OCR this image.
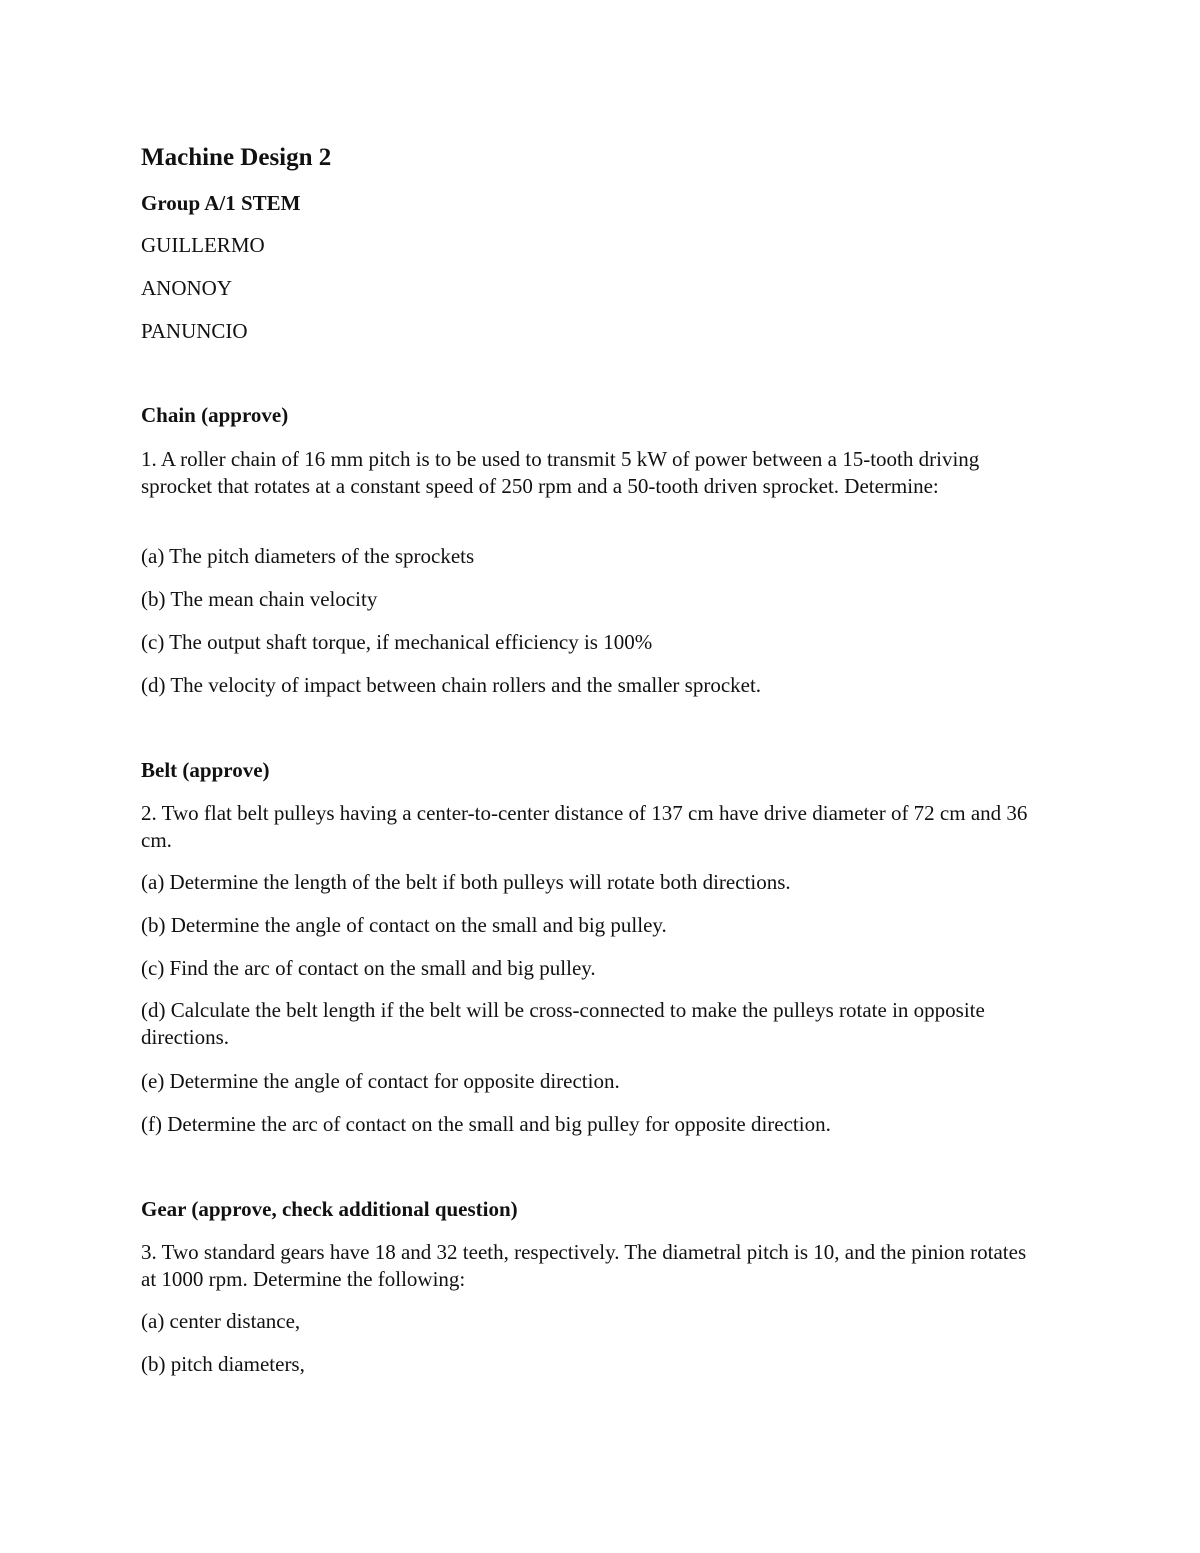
Machine Design 2
Group A/1 STEM
GUILLERMO
ANONOY
PANUNCIO
Chain (approve)
1. A roller chain of 16 mm pitch is to be used to transmit 5 kW of power between a 15-tooth driving sprocket that rotates at a constant speed of 250 rpm and a 50-tooth driven sprocket. Determine:
(a) The pitch diameters of the sprockets
(b) The mean chain velocity
(c) The output shaft torque, if mechanical efficiency is 100%
(d) The velocity of impact between chain rollers and the smaller sprocket.
Belt (approve)
2. Two flat belt pulleys having a center-to-center distance of 137 cm have drive diameter of 72 cm and 36 cm.
(a) Determine the length of the belt if both pulleys will rotate both directions.
(b) Determine the angle of contact on the small and big pulley.
(c) Find the arc of contact on the small and big pulley.
(d) Calculate the belt length if the belt will be cross-connected to make the pulleys rotate in opposite directions.
(e) Determine the angle of contact for opposite direction.
(f) Determine the arc of contact on the small and big pulley for opposite direction.
Gear (approve, check additional question)
3. Two standard gears have 18 and 32 teeth, respectively. The diametral pitch is 10, and the pinion rotates at 1000 rpm. Determine the following:
(a) center distance,
(b) pitch diameters,
